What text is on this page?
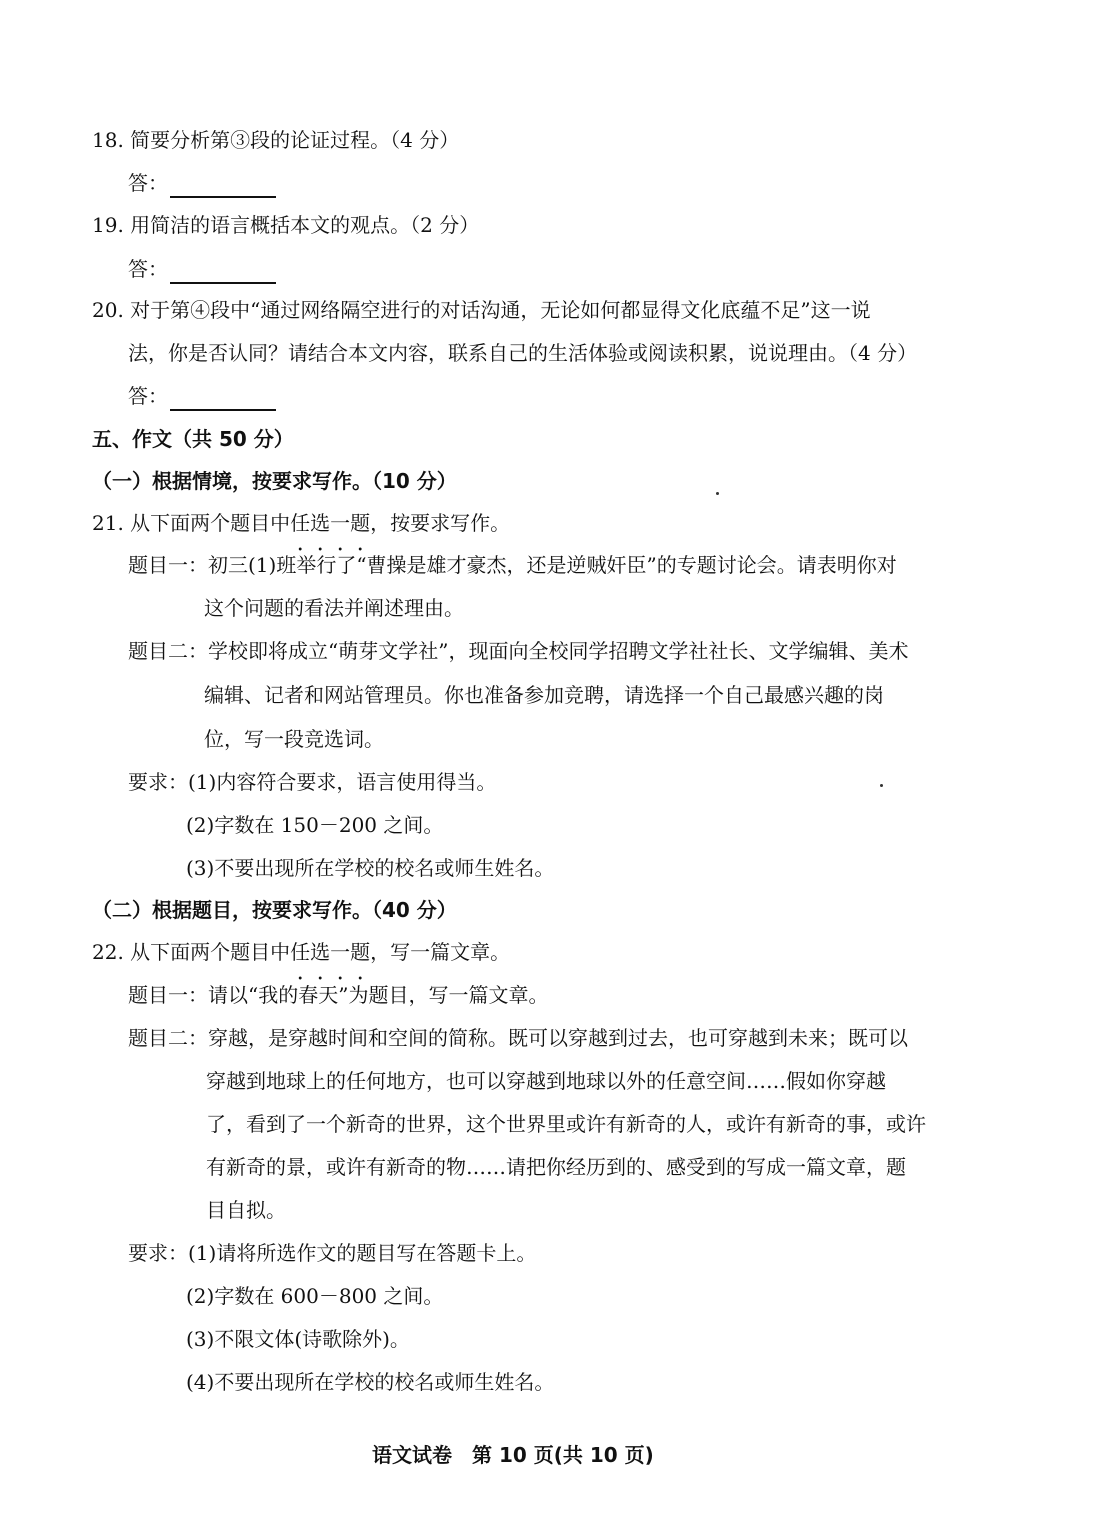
18. 简要分析第③段的论证过程。（4 分）
答：
19. 用简洁的语言概括本文的观点。（2 分）
答：
20. 对于第④段中“通过网络隔空进行的对话沟通，无论如何都显得文化底蕴不足”这一说
法，你是否认同？请结合本文内容，联系自己的生活体验或阅读积累，说说理由。（4 分）
答：
五、作文（共 50 分）
（一）根据情境，按要求写作。（10 分）
21. 从下面两个题目中任选一题，按要求写作。
题目一：初三(1)班举行了“曹操是雄才豪杰，还是逆贼奸臣”的专题讨论会。请表明你对
这个问题的看法并阐述理由。
题目二：学校即将成立“萌芽文学社”，现面向全校同学招聘文学社社长、文学编辑、美术
编辑、记者和网站管理员。你也准备参加竞聘，请选择一个自己最感兴趣的岗
位，写一段竞选词。
要求：(1)内容符合要求，语言使用得当。
(2)字数在 150－200 之间。
(3)不要出现所在学校的校名或师生姓名。
（二）根据题目，按要求写作。（40 分）
22. 从下面两个题目中任选一题，写一篇文章。
题目一：请以“我的春天”为题目，写一篇文章。
题目二：穿越，是穿越时间和空间的简称。既可以穿越到过去，也可穿越到未来；既可以
穿越到地球上的任何地方，也可以穿越到地球以外的任意空间……假如你穿越
了，看到了一个新奇的世界，这个世界里或许有新奇的人，或许有新奇的事，或许
有新奇的景，或许有新奇的物……请把你经历到的、感受到的写成一篇文章，题
目自拟。
要求：(1)请将所选作文的题目写在答题卡上。
(2)字数在 600－800 之间。
(3)不限文体(诗歌除外)。
(4)不要出现所在学校的校名或师生姓名。
语文试卷　第 10 页(共 10 页)
